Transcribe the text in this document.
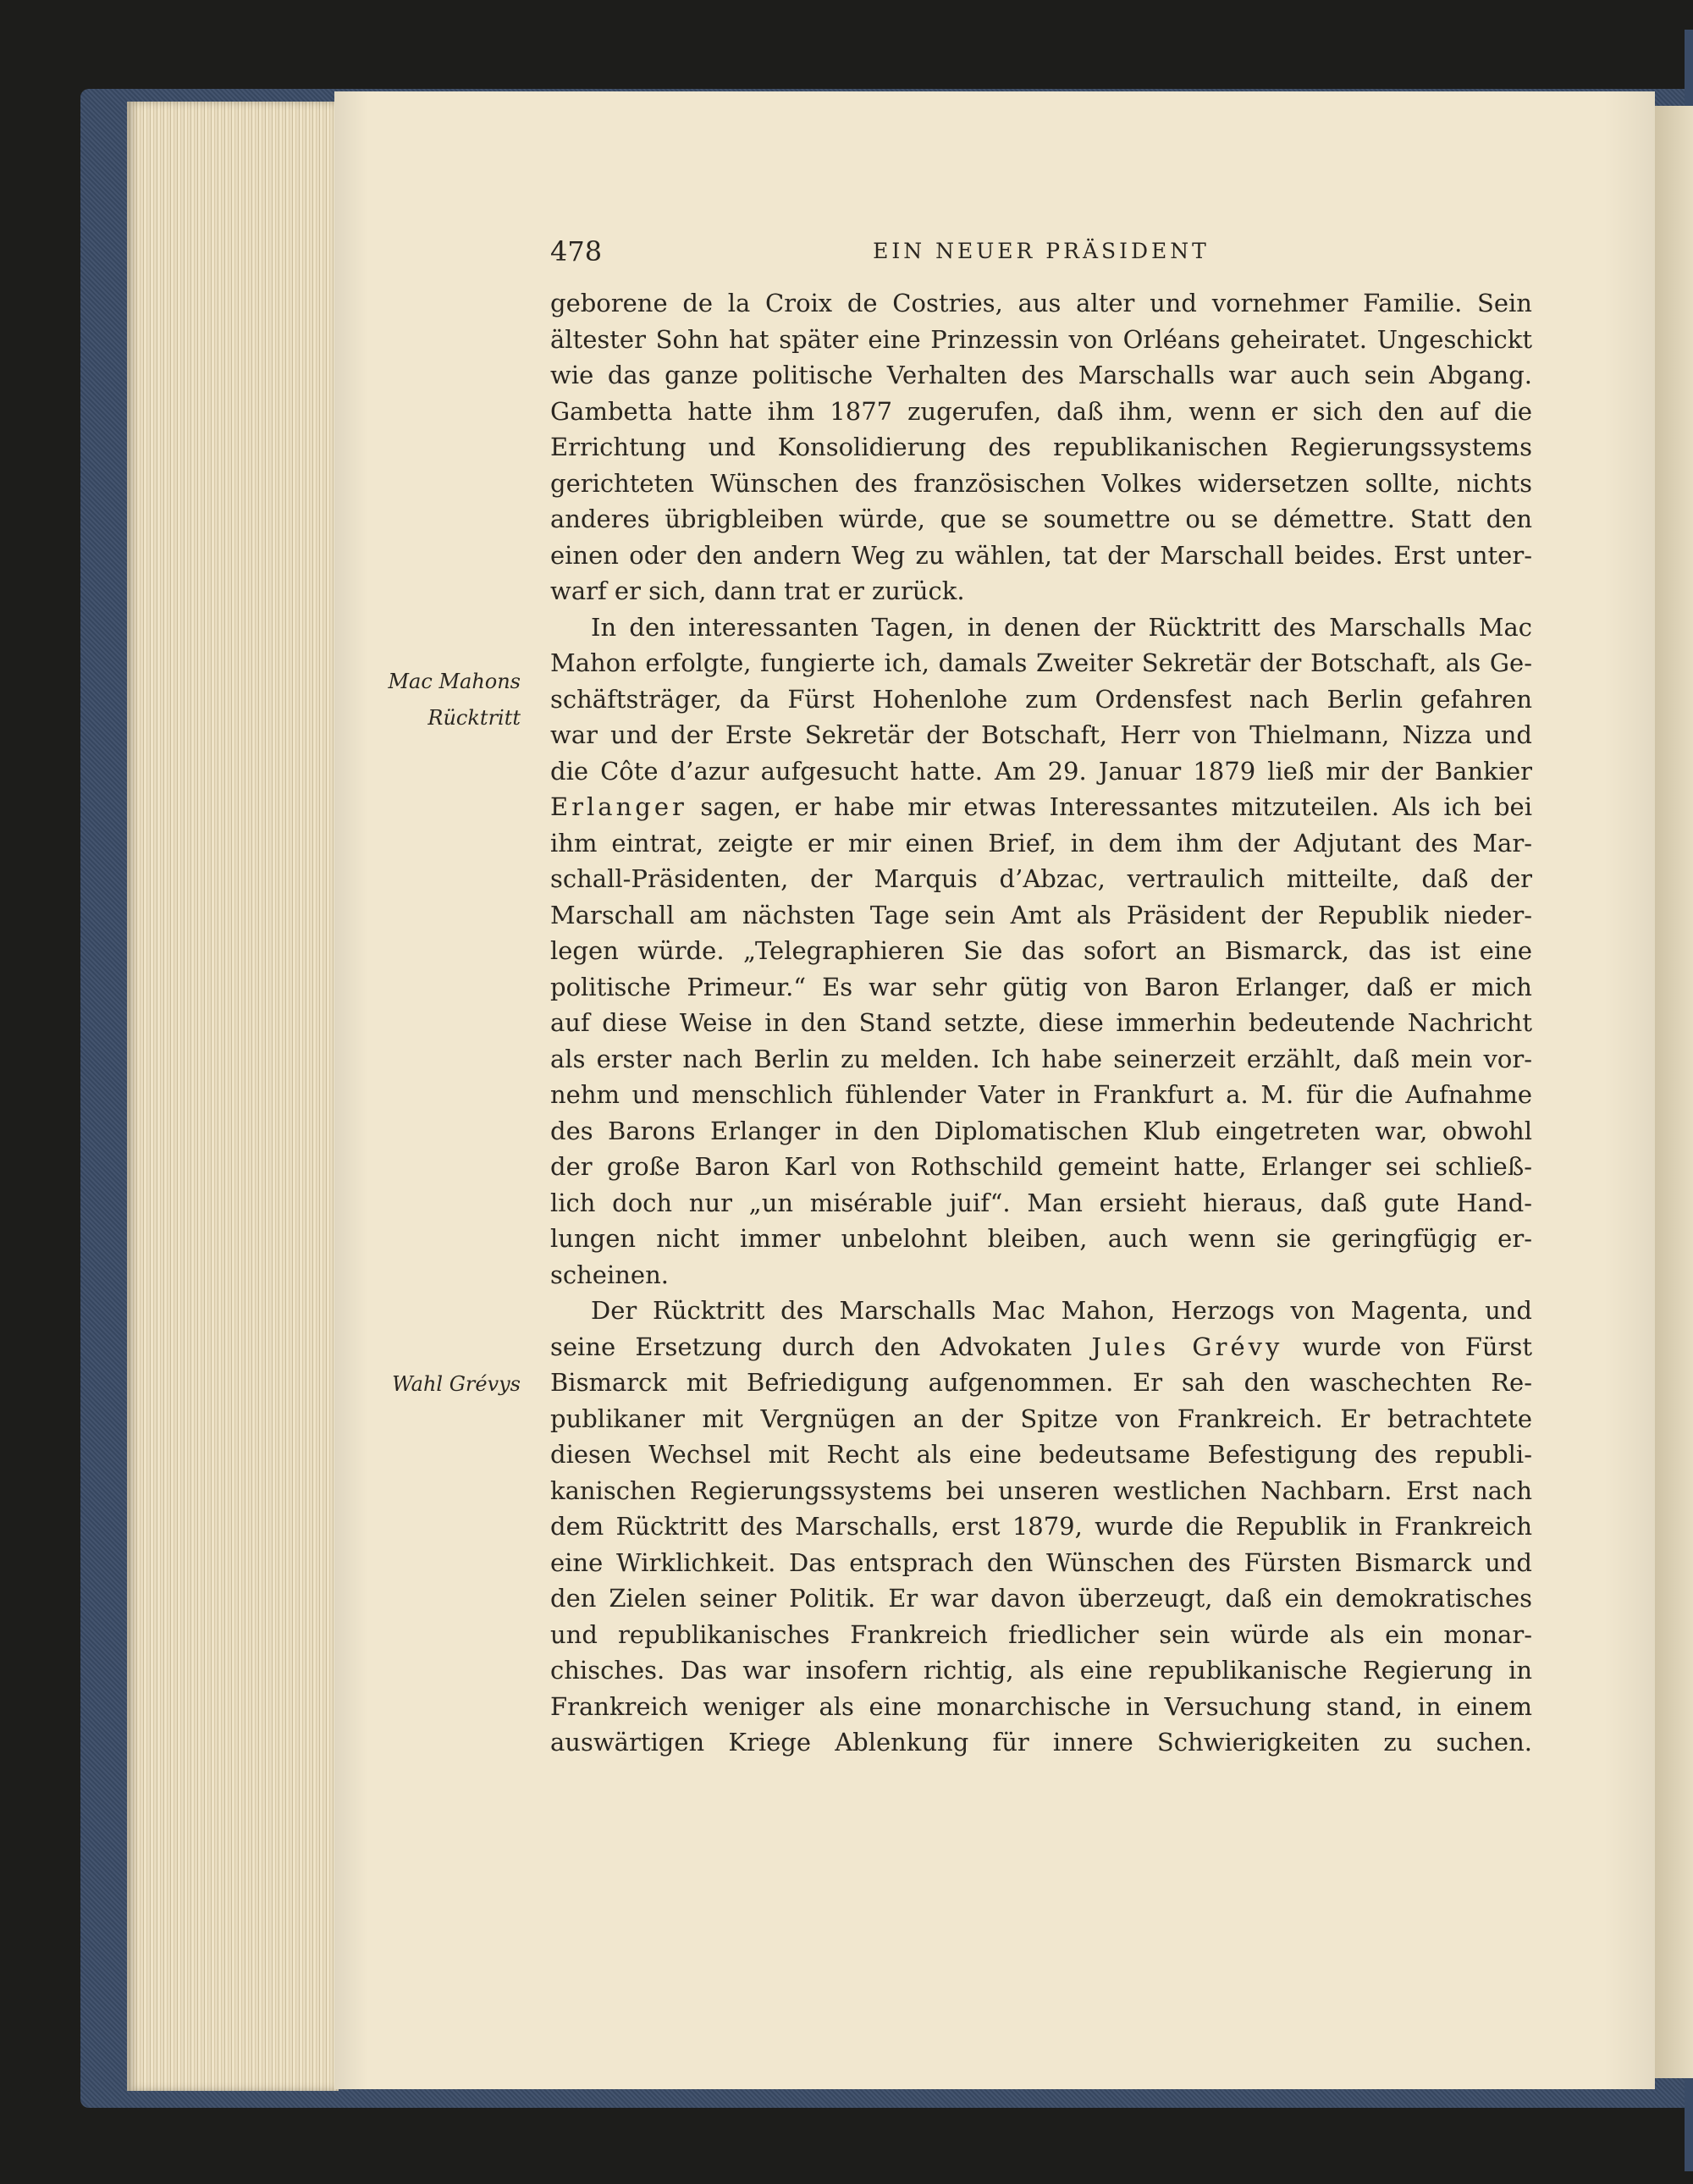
478	EIN NEUER PRÄSIDENT
Mac Mahons
Rücktritt
Wahl Grévys
geborene de la Croix de Costries, aus alter und vornehmer Familie. Sein
ältester Sohn hat später eine Prinzessin von Orléans geheiratet. Ungeschickt
wie das ganze politische Verhalten des Marschalls war auch sein Abgang.
Gambetta hatte ihm 1877 zugerufen, daß ihm, wenn er sich den auf die
Errichtung und Konsolidierung des republikanischen Regierungssystems
gerichteten Wünschen des französischen Volkes widersetzen sollte, nichts
anderes übrigbleiben würde, que se soumettre ou se démettre. Statt den
einen oder den andern Weg zu wählen, tat der Marschall beides. Erst unter-
warf er sich, dann trat er zurück.
In den interessanten Tagen, in denen der Rücktritt des Marschalls Mac
Mahon erfolgte, fungierte ich, damals Zweiter Sekretär der Botschaft, als Ge-
schäftsträger, da Fürst Hohenlohe zum Ordensfest nach Berlin gefahren
war und der Erste Sekretär der Botschaft, Herr von Thielmann, Nizza und
die Côte d’azur aufgesucht hatte. Am 29. Januar 1879 ließ mir der Bankier
Erlanger sagen, er habe mir etwas Interessantes mitzuteilen. Als ich bei
ihm eintrat, zeigte er mir einen Brief, in dem ihm der Adjutant des Mar-
schall-Präsidenten, der Marquis d’Abzac, vertraulich mitteilte, daß der
Marschall am nächsten Tage sein Amt als Präsident der Republik nieder-
legen würde. „Telegraphieren Sie das sofort an Bismarck, das ist eine
politische Primeur.“ Es war sehr gütig von Baron Erlanger, daß er mich
auf diese Weise in den Stand setzte, diese immerhin bedeutende Nachricht
als erster nach Berlin zu melden. Ich habe seinerzeit erzählt, daß mein vor-
nehm und menschlich fühlender Vater in Frankfurt a. M. für die Aufnahme
des Barons Erlanger in den Diplomatischen Klub eingetreten war, obwohl
der große Baron Karl von Rothschild gemeint hatte, Erlanger sei schließ-
lich doch nur „un misérable juif“. Man ersieht hieraus, daß gute Hand-
lungen nicht immer unbelohnt bleiben, auch wenn sie geringfügig er-
scheinen.
Der Rücktritt des Marschalls Mac Mahon, Herzogs von Magenta, und
seine Ersetzung durch den Advokaten Jules Grévy wurde von Fürst
Bismarck mit Befriedigung aufgenommen. Er sah den waschechten Re-
publikaner mit Vergnügen an der Spitze von Frankreich. Er betrachtete
diesen Wechsel mit Recht als eine bedeutsame Befestigung des republi-
kanischen Regierungssystems bei unseren westlichen Nachbarn. Erst nach
dem Rücktritt des Marschalls, erst 1879, wurde die Republik in Frankreich
eine Wirklichkeit. Das entsprach den Wünschen des Fürsten Bismarck und
den Zielen seiner Politik. Er war davon überzeugt, daß ein demokratisches
und republikanisches Frankreich friedlicher sein würde als ein monar-
chisches. Das war insofern richtig, als eine republikanische Regierung in
Frankreich weniger als eine monarchische in Versuchung stand, in einem
auswärtigen Kriege Ablenkung für innere Schwierigkeiten zu suchen.
